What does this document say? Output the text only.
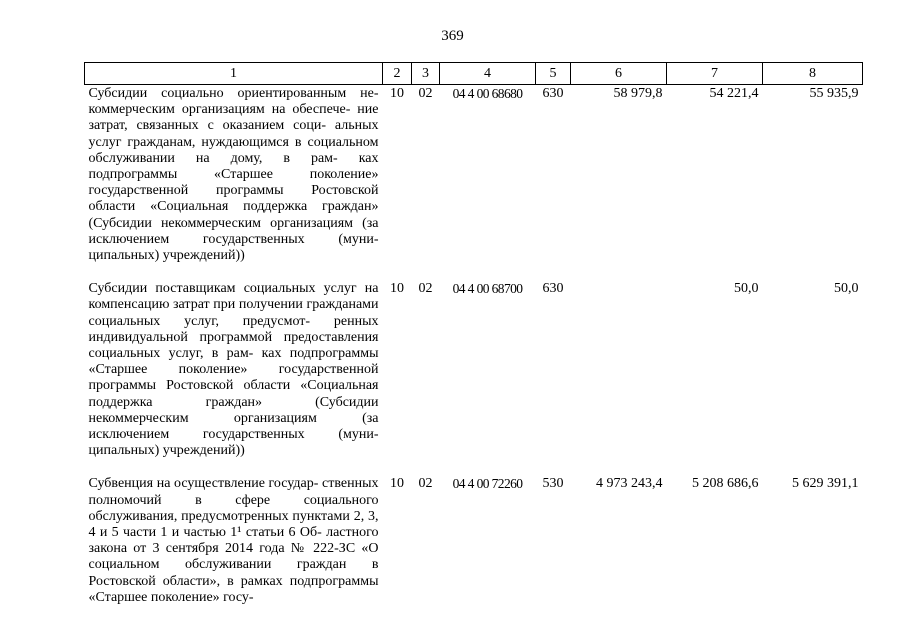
369
1	2	3	4	5	6	7	8
Субсидии социально ориентированным не- коммерческим организациям на обеспече- ние затрат, связанных с оказанием соци- альных услуг гражданам, нуждающимся в социальном обслуживании на дому, в рам- ках подпрограммы «Старшее поколение» государственной программы Ростовской области «Социальная поддержка граждан» (Субсидии некоммерческим организациям (за исключением государственных (муни- ципальных) учреждений))	10	02	04 4 00 68680	630	58 979,8	54 221,4	55 935,9
Субсидии поставщикам социальных услуг на компенсацию затрат при получении гражданами социальных услуг, предусмот- ренных индивидуальной программой предоставления социальных услуг, в рам- ках подпрограммы «Старшее поколение» государственной программы Ростовской области «Социальная поддержка граждан» (Субсидии некоммерческим организациям (за исключением государственных (муни- ципальных) учреждений))	10	02	04 4 00 68700	630		50,0	50,0
Субвенция на осуществление государ- ственных полномочий в сфере социального обслуживания, предусмотренных пунктами 2, 3, 4 и 5 части 1 и частью 1¹ статьи 6 Об- ластного закона от 3 сентября 2014 года № 222-ЗС «О социальном обслуживании граждан в Ростовской области», в рамках подпрограммы «Старшее поколение» госу-	10	02	04 4 00 72260	530	4 973 243,4	5 208 686,6	5 629 391,1
